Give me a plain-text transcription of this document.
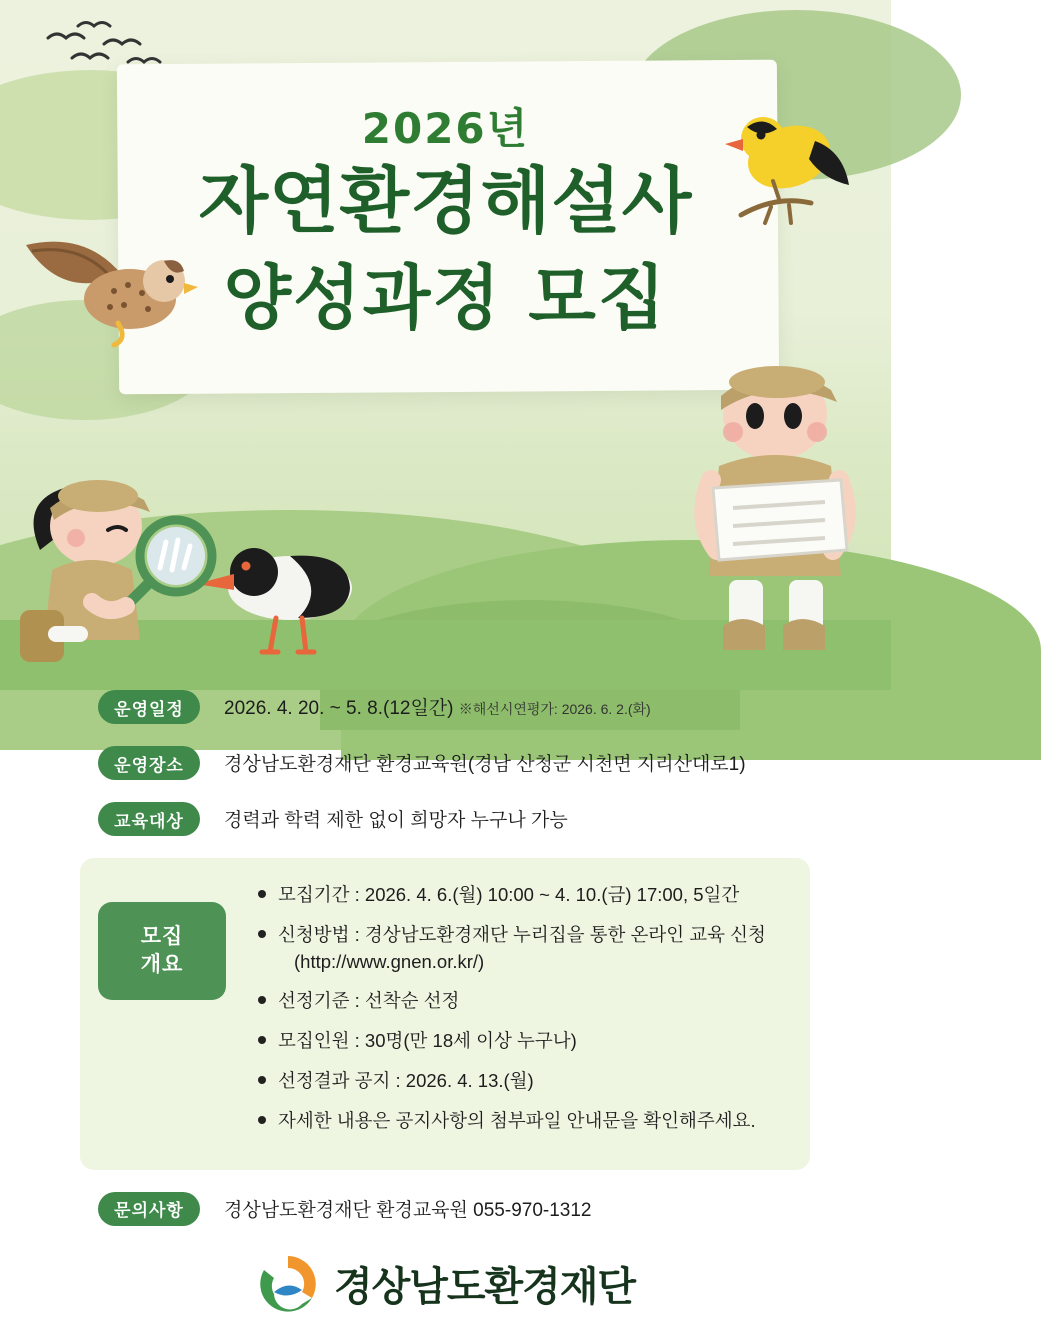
2026년
자연환경해설사
양성과정 모집
운영일정	2026. 4. 20. ~ 5. 8.(12일간) ※해선시연평가: 2026. 6. 2.(화)
운영장소	경상남도환경재단 환경교육원(경남 산청군 시천면 지리산대로1)
교육대상	경력과 학력 제한 없이 희망자 누구나 가능
모집
개요
모집기간 : 2026. 4. 6.(월) 10:00 ~ 4. 10.(금) 17:00, 5일간
신청방법 : 경상남도환경재단 누리집을 통한 온라인 교육 신청
(http://www.gnen.or.kr/)
선정기준 : 선착순 선정
모집인원 : 30명(만 18세 이상 누구나)
선정결과 공지 : 2026. 4. 13.(월)
자세한 내용은 공지사항의 첨부파일 안내문을 확인해주세요.
문의사항	경상남도환경재단 환경교육원 055-970-1312
경상남도환경재단
